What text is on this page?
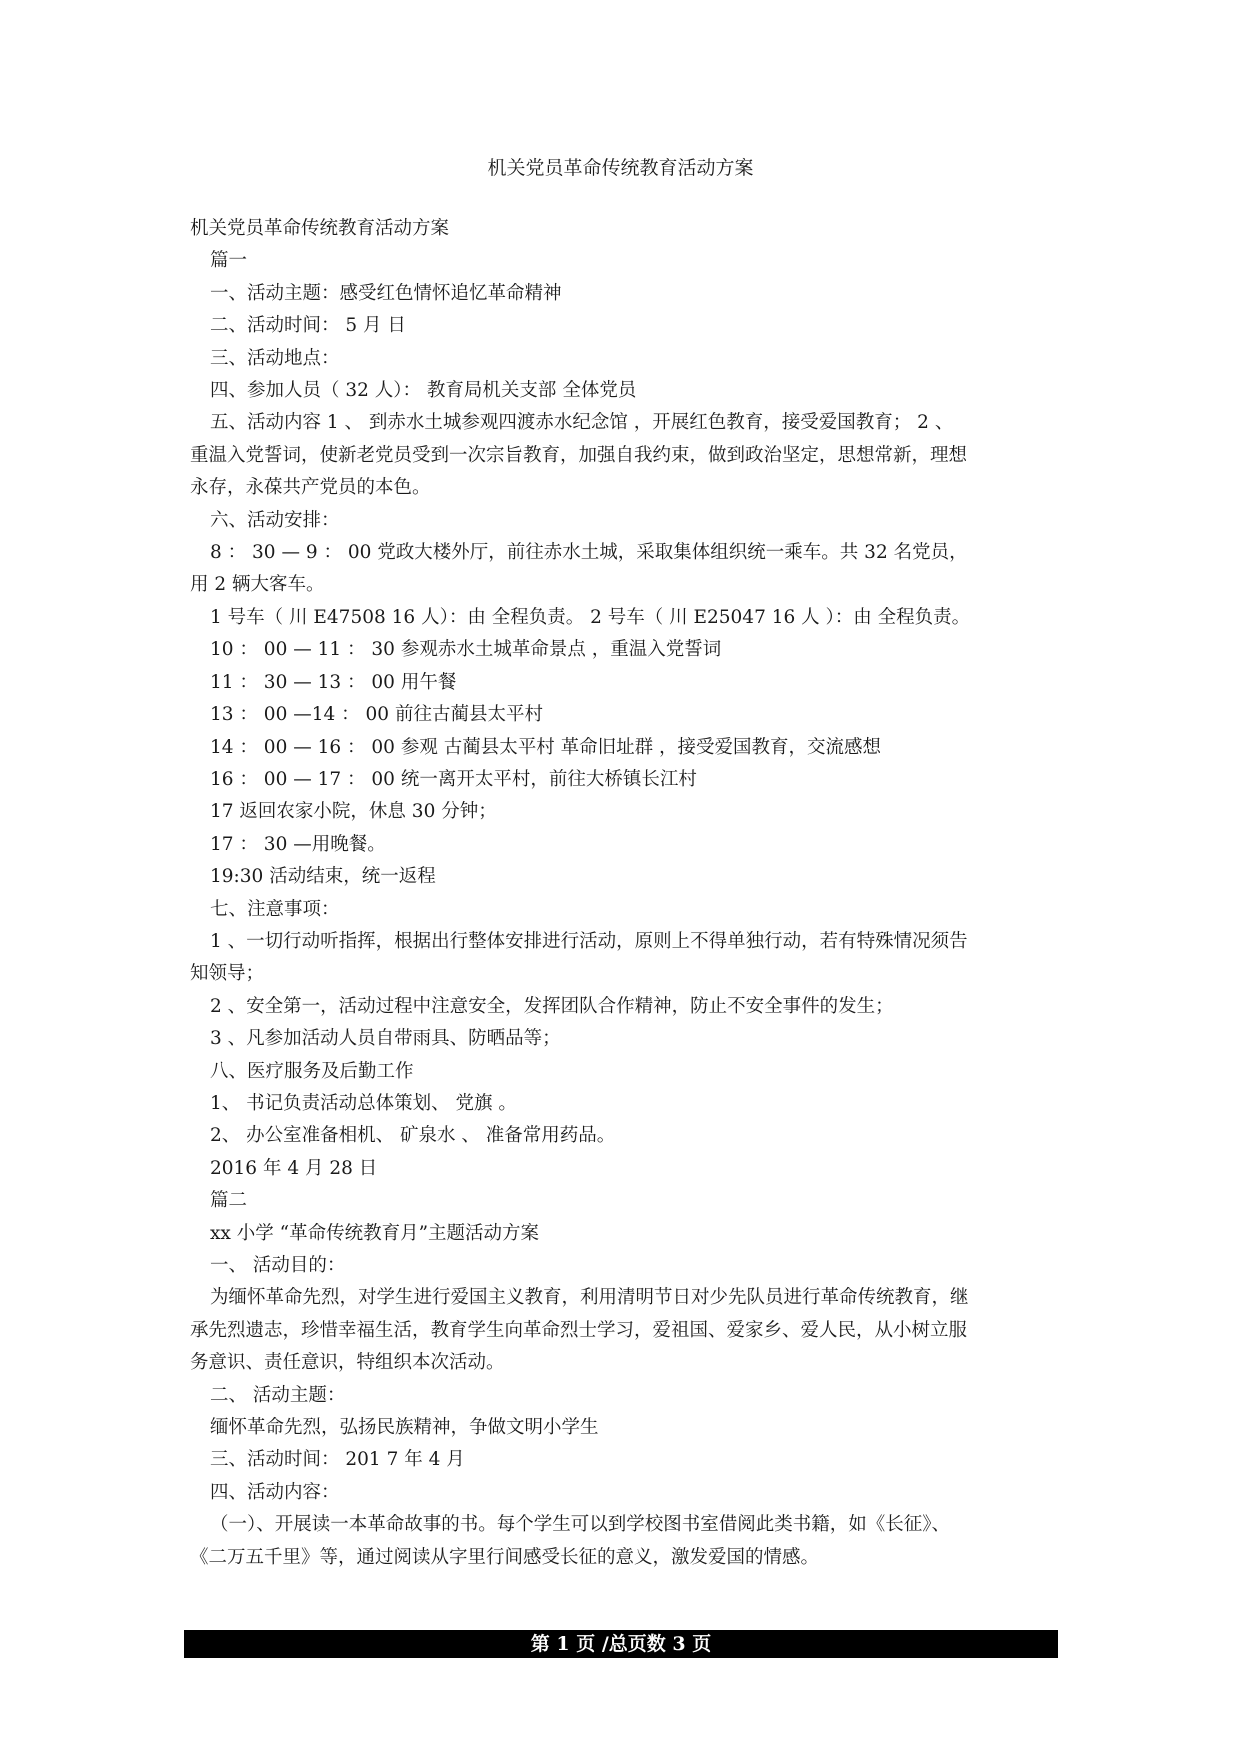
机关党员革命传统教育活动方案
机关党员革命传统教育活动方案
篇一
一、活动主题：感受红色情怀追忆革命精神
二、活动时间： 5 月 日
三、活动地点：
四、参加人员（ 32 人）： 教育局机关支部 全体党员
五、活动内容 1 、 到赤水土城参观四渡赤水纪念馆 ，开展红色教育，接受爱国教育； 2 、
重温入党誓词，使新老党员受到一次宗旨教育，加强自我约束，做到政治坚定，思想常新，理想
永存，永葆共产党员的本色。
六、活动安排：
8 ： 30 — 9 ： 00 党政大楼外厅，前往赤水土城，采取集体组织统一乘车。共 32 名党员，
用 2 辆大客车。
1 号车（ 川 E47508 16 人）：由 全程负责。 2 号车（ 川 E25047 16 人 ）：由 全程负责。
10 ： 00 — 11 ： 30 参观赤水土城革命景点 ，重温入党誓词
11 ： 30 — 13 ： 00 用午餐
13 ： 00 —14 ： 00 前往古蔺县太平村
14 ： 00 — 16 ： 00 参观 古蔺县太平村 革命旧址群 ，接受爱国教育，交流感想
16 ： 00 — 17 ： 00 统一离开太平村，前往大桥镇长江村
17 返回农家小院，休息 30 分钟；
17 ： 30 —用晚餐。
19:30 活动结束，统一返程
七、注意事项：
1 、一切行动听指挥，根据出行整体安排进行活动，原则上不得单独行动，若有特殊情况须告
知领导；
2 、安全第一，活动过程中注意安全，发挥团队合作精神，防止不安全事件的发生；
3 、凡参加活动人员自带雨具、防晒品等；
八、医疗服务及后勤工作
1、 书记负责活动总体策划、 党旗 。
2、 办公室准备相机、 矿泉水 、 准备常用药品。
2016 年 4 月 28 日
篇二
xx 小学 “革命传统教育月”主题活动方案
一、 活动目的：
为缅怀革命先烈，对学生进行爱国主义教育，利用清明节日对少先队员进行革命传统教育，继
承先烈遗志，珍惜幸福生活，教育学生向革命烈士学习，爱祖国、爱家乡、爱人民，从小树立服
务意识、责任意识，特组织本次活动。
二、 活动主题：
缅怀革命先烈，弘扬民族精神，争做文明小学生
三、活动时间： 201 7 年 4 月
四、活动内容：
（一）、开展读一本革命故事的书。每个学生可以到学校图书室借阅此类书籍，如《长征》、
《二万五千里》等，通过阅读从字里行间感受长征的意义，激发爱国的情感。
第 1 页 /总页数 3 页
